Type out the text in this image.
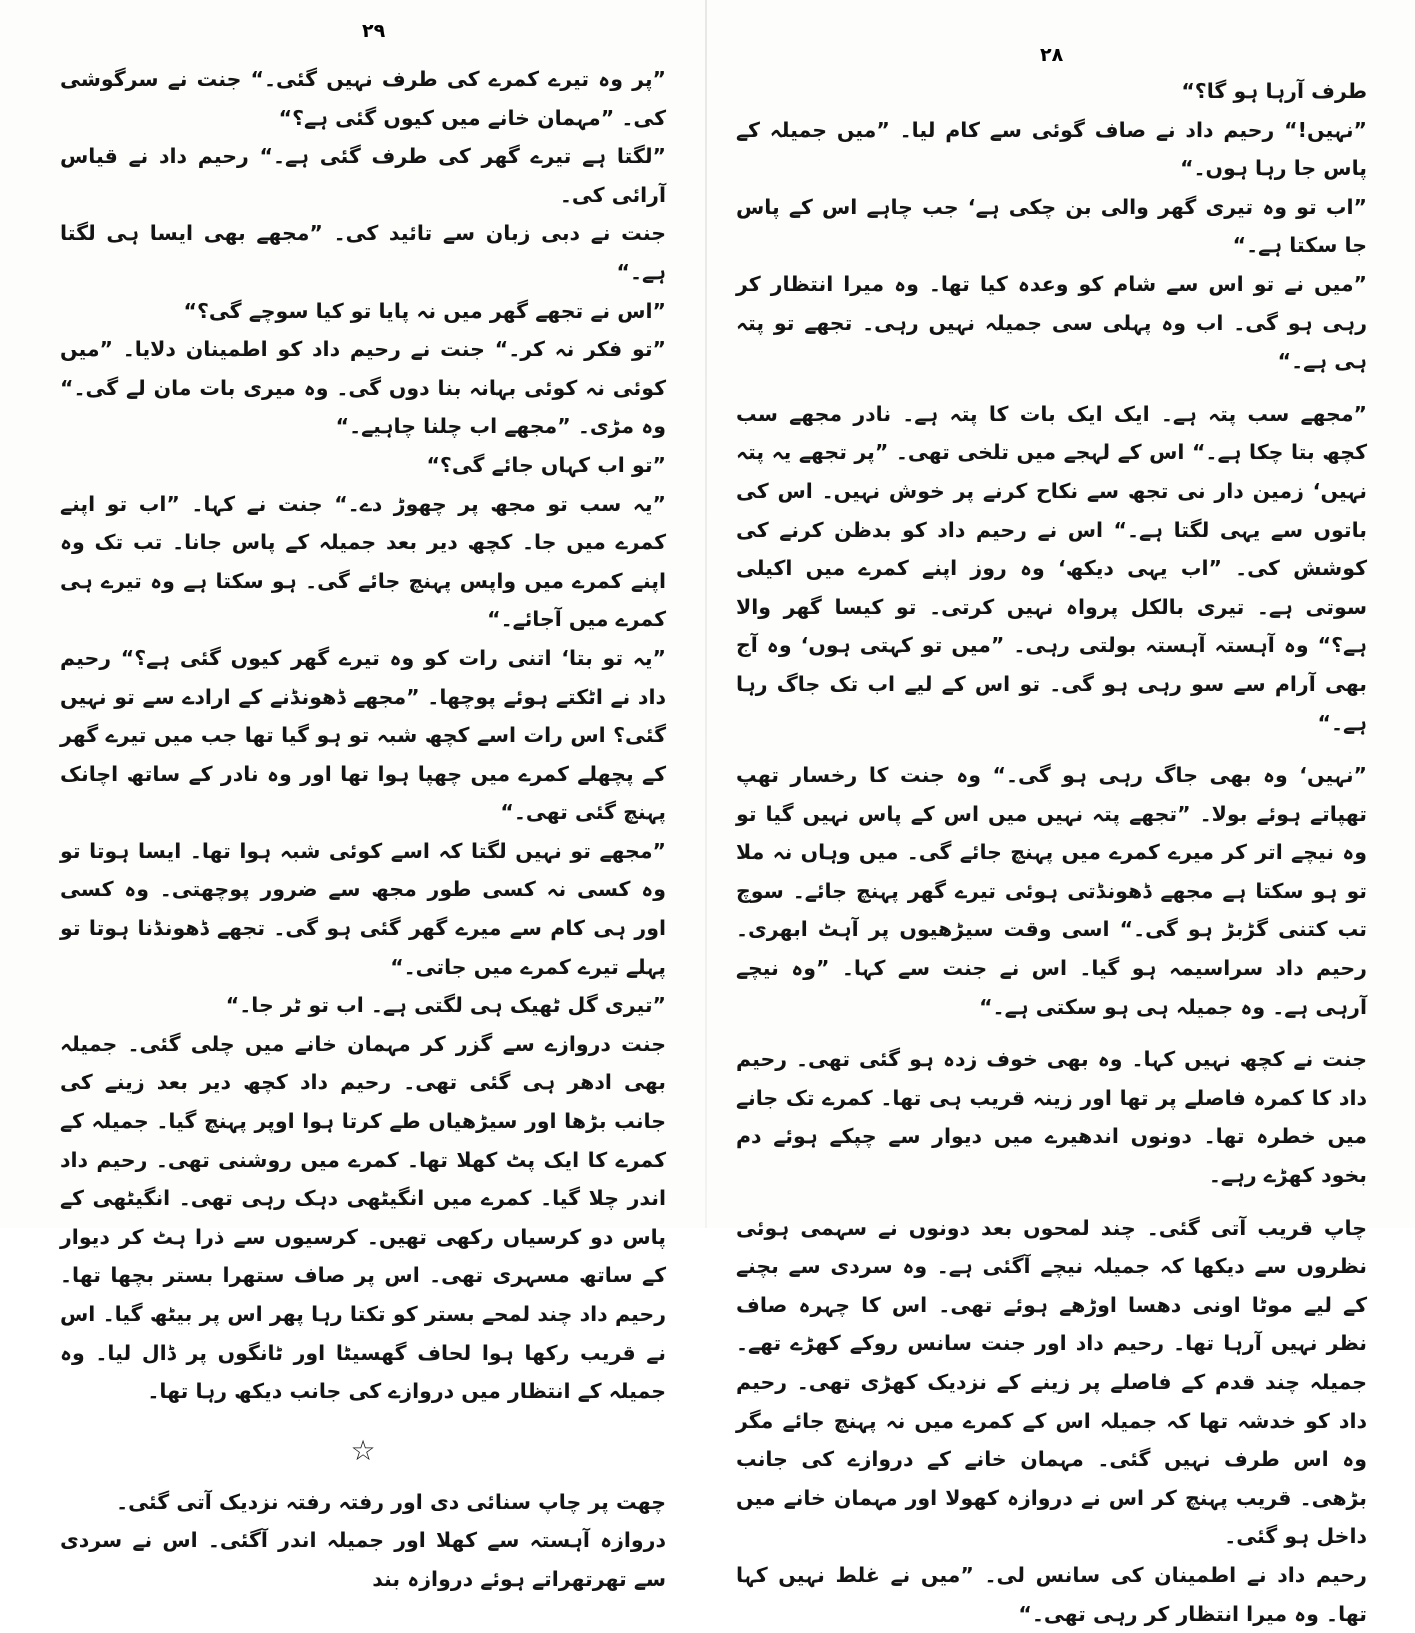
۲۹
۲۸

”پر وہ تیرے کمرے کی طرف نہیں گئی۔“ جنت نے سرگوشی کی۔ ”مہمان خانے میں کیوں گئی ہے؟“

”لگتا ہے تیرے گھر کی طرف گئی ہے۔“ رحیم داد نے قیاس آرائی کی۔

جنت نے دبی زبان سے تائید کی۔ ”مجھے بھی ایسا ہی لگتا ہے۔“

”اس نے تجھے گھر میں نہ پایا تو کیا سوچے گی؟“

”تو فکر نہ کر۔“ جنت نے رحیم داد کو اطمینان دلایا۔ ”میں کوئی نہ کوئی بہانہ بنا دوں گی۔ وہ میری بات مان لے گی۔“ وہ مڑی۔ ”مجھے اب چلنا چاہیے۔“

”تو اب کہاں جائے گی؟“

”یہ سب تو مجھ پر چھوڑ دے۔“ جنت نے کہا۔ ”اب تو اپنے کمرے میں جا۔ کچھ دیر بعد جمیلہ کے پاس جانا۔ تب تک وہ اپنے کمرے میں واپس پہنچ جائے گی۔ ہو سکتا ہے وہ تیرے ہی کمرے میں آجائے۔“

”یہ تو بتا‘ اتنی رات کو وہ تیرے گھر کیوں گئی ہے؟“ رحیم داد نے اٹکتے ہوئے پوچھا۔ ”مجھے ڈھونڈنے کے ارادے سے تو نہیں گئی؟ اس رات اسے کچھ شبہ تو ہو گیا تھا جب میں تیرے گھر کے پچھلے کمرے میں چھپا ہوا تھا اور وہ نادر کے ساتھ اچانک پہنچ گئی تھی۔“

”مجھے تو نہیں لگتا کہ اسے کوئی شبہ ہوا تھا۔ ایسا ہوتا تو وہ کسی نہ کسی طور مجھ سے ضرور پوچھتی۔ وہ کسی اور ہی کام سے میرے گھر گئی ہو گی۔ تجھے ڈھونڈنا ہوتا تو پہلے تیرے کمرے میں جاتی۔“

”تیری گل ٹھیک ہی لگتی ہے۔ اب تو ٹر جا۔“

جنت دروازے سے گزر کر مہمان خانے میں چلی گئی۔ جمیلہ بھی ادھر ہی گئی تھی۔ رحیم داد کچھ دیر بعد زینے کی جانب بڑھا اور سیڑھیاں طے کرتا ہوا اوپر پہنچ گیا۔ جمیلہ کے کمرے کا ایک پٹ کھلا تھا۔ کمرے میں روشنی تھی۔ رحیم داد اندر چلا گیا۔ کمرے میں انگیٹھی دہک رہی تھی۔ انگیٹھی کے پاس دو کرسیاں رکھی تھیں۔ کرسیوں سے ذرا ہٹ کر دیوار کے ساتھ مسہری تھی۔ اس پر صاف ستھرا بستر بچھا تھا۔ رحیم داد چند لمحے بستر کو تکتا رہا پھر اس پر بیٹھ گیا۔ اس نے قریب رکھا ہوا لحاف گھسیٹا اور ٹانگوں پر ڈال لیا۔ وہ جمیلہ کے انتظار میں دروازے کی جانب دیکھ رہا تھا۔

☆

چھت پر چاپ سنائی دی اور رفتہ رفتہ نزدیک آتی گئی۔

دروازہ آہستہ سے کھلا اور جمیلہ اندر آگئی۔ اس نے سردی سے تھرتھراتے ہوئے دروازہ بند

طرف آرہا ہو گا؟“

”نہیں!“ رحیم داد نے صاف گوئی سے کام لیا۔ ”میں جمیلہ کے پاس جا رہا ہوں۔“

”اب تو وہ تیری گھر والی بن چکی ہے‘ جب چاہے اس کے پاس جا سکتا ہے۔“

”میں نے تو اس سے شام کو وعدہ کیا تھا۔ وہ میرا انتظار کر رہی ہو گی۔ اب وہ پہلی سی جمیلہ نہیں رہی۔ تجھے تو پتہ ہی ہے۔“

”مجھے سب پتہ ہے۔ ایک ایک بات کا پتہ ہے۔ نادر مجھے سب کچھ بتا چکا ہے۔“ اس کے لہجے میں تلخی تھی۔ ”پر تجھے یہ پتہ نہیں‘ زمین دار نی تجھ سے نکاح کرنے پر خوش نہیں۔ اس کی باتوں سے یہی لگتا ہے۔“ اس نے رحیم داد کو بدظن کرنے کی کوشش کی۔ ”اب یہی دیکھ‘ وہ روز اپنے کمرے میں اکیلی سوتی ہے۔ تیری بالکل پرواہ نہیں کرتی۔ تو کیسا گھر والا ہے؟“ وہ آہستہ آہستہ بولتی رہی۔ ”میں تو کہتی ہوں‘ وہ آج بھی آرام سے سو رہی ہو گی۔ تو اس کے لیے اب تک جاگ رہا ہے۔“

”نہیں‘ وہ بھی جاگ رہی ہو گی۔“ وہ جنت کا رخسار تھپ تھپاتے ہوئے بولا۔ ”تجھے پتہ نہیں میں اس کے پاس نہیں گیا تو وہ نیچے اتر کر میرے کمرے میں پہنچ جائے گی۔ میں وہاں نہ ملا تو ہو سکتا ہے مجھے ڈھونڈتی ہوئی تیرے گھر پہنچ جائے۔ سوچ تب کتنی گڑبڑ ہو گی۔“ اسی وقت سیڑھیوں پر آہٹ ابھری۔ رحیم داد سراسیمہ ہو گیا۔ اس نے جنت سے کہا۔ ”وہ نیچے آرہی ہے۔ وہ جمیلہ ہی ہو سکتی ہے۔“

جنت نے کچھ نہیں کہا۔ وہ بھی خوف زدہ ہو گئی تھی۔ رحیم داد کا کمرہ فاصلے پر تھا اور زینہ قریب ہی تھا۔ کمرے تک جانے میں خطرہ تھا۔ دونوں اندھیرے میں دیوار سے چپکے ہوئے دم بخود کھڑے رہے۔

چاپ قریب آتی گئی۔ چند لمحوں بعد دونوں نے سہمی ہوئی نظروں سے دیکھا کہ جمیلہ نیچے آگئی ہے۔ وہ سردی سے بچنے کے لیے موٹا اونی دھسا اوڑھے ہوئے تھی۔ اس کا چہرہ صاف نظر نہیں آرہا تھا۔ رحیم داد اور جنت سانس روکے کھڑے تھے۔ جمیلہ چند قدم کے فاصلے پر زینے کے نزدیک کھڑی تھی۔ رحیم داد کو خدشہ تھا کہ جمیلہ اس کے کمرے میں نہ پہنچ جائے مگر وہ اس طرف نہیں گئی۔ مہمان خانے کے دروازے کی جانب بڑھی۔ قریب پہنچ کر اس نے دروازہ کھولا اور مہمان خانے میں داخل ہو گئی۔

رحیم داد نے اطمینان کی سانس لی۔ ”میں نے غلط نہیں کہا تھا۔ وہ میرا انتظار کر رہی تھی۔“
